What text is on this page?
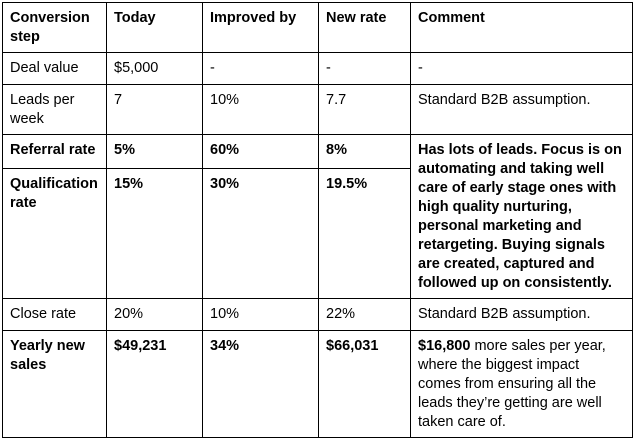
Conversion step	Today	Improved by	New rate	Comment
Deal value	$5,000	-	-	-
Leads per week	7	10%	7.7	Standard B2B assumption.
Referral rate	5%	60%	8%	Has lots of leads. Focus is on automating and taking well care of early stage ones with high quality nurturing, personal marketing and retargeting. Buying signals are created, captured and followed up on consistently.
Qualification rate	15%	30%	19.5%	
Close rate	20%	10%	22%	Standard B2B assumption.
Yearly new sales	$49,231	34%	$66,031	$16,800 more sales per year, where the biggest impact comes from ensuring all the leads they’re getting are well taken care of.
